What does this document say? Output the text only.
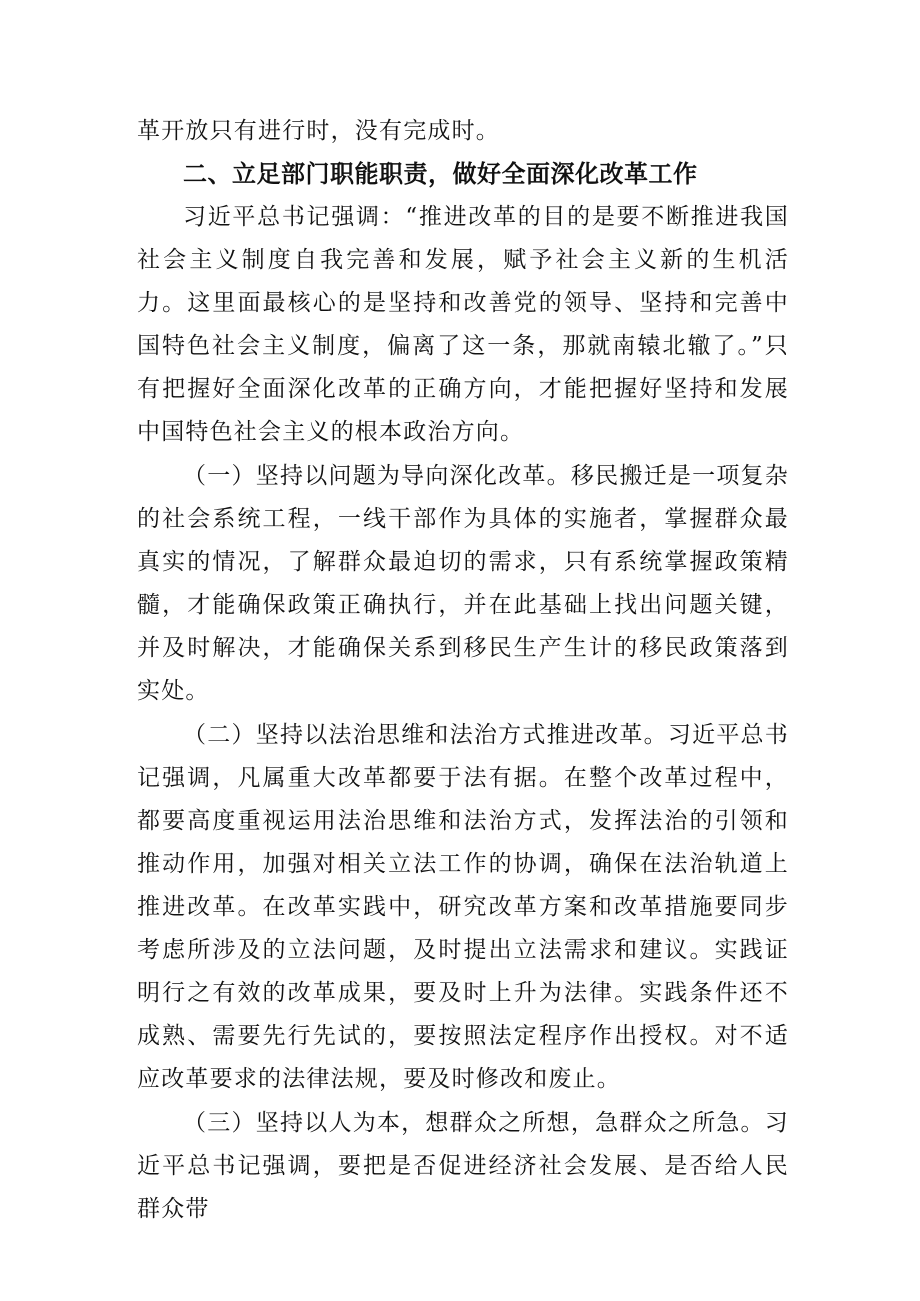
革开放只有进行时，没有完成时。

二、立足部门职能职责，做好全面深化改革工作

习近平总书记强调：“推进改革的目的是要不断推进我国社会主义制度自我完善和发展，赋予社会主义新的生机活力。这里面最核心的是坚持和改善党的领导、坚持和完善中国特色社会主义制度，偏离了这一条，那就南辕北辙了。”只有把握好全面深化改革的正确方向，才能把握好坚持和发展中国特色社会主义的根本政治方向。

（一）坚持以问题为导向深化改革。移民搬迁是一项复杂的社会系统工程，一线干部作为具体的实施者，掌握群众最真实的情况，了解群众最迫切的需求，只有系统掌握政策精髓，才能确保政策正确执行，并在此基础上找出问题关键，并及时解决，才能确保关系到移民生产生计的移民政策落到实处。

（二）坚持以法治思维和法治方式推进改革。习近平总书记强调，凡属重大改革都要于法有据。在整个改革过程中，都要高度重视运用法治思维和法治方式，发挥法治的引领和推动作用，加强对相关立法工作的协调，确保在法治轨道上推进改革。在改革实践中，研究改革方案和改革措施要同步考虑所涉及的立法问题，及时提出立法需求和建议。实践证明行之有效的改革成果，要及时上升为法律。实践条件还不成熟、需要先行先试的，要按照法定程序作出授权。对不适应改革要求的法律法规，要及时修改和废止。

（三）坚持以人为本，想群众之所想，急群众之所急。习近平总书记强调，要把是否促进经济社会发展、是否给人民群众带
